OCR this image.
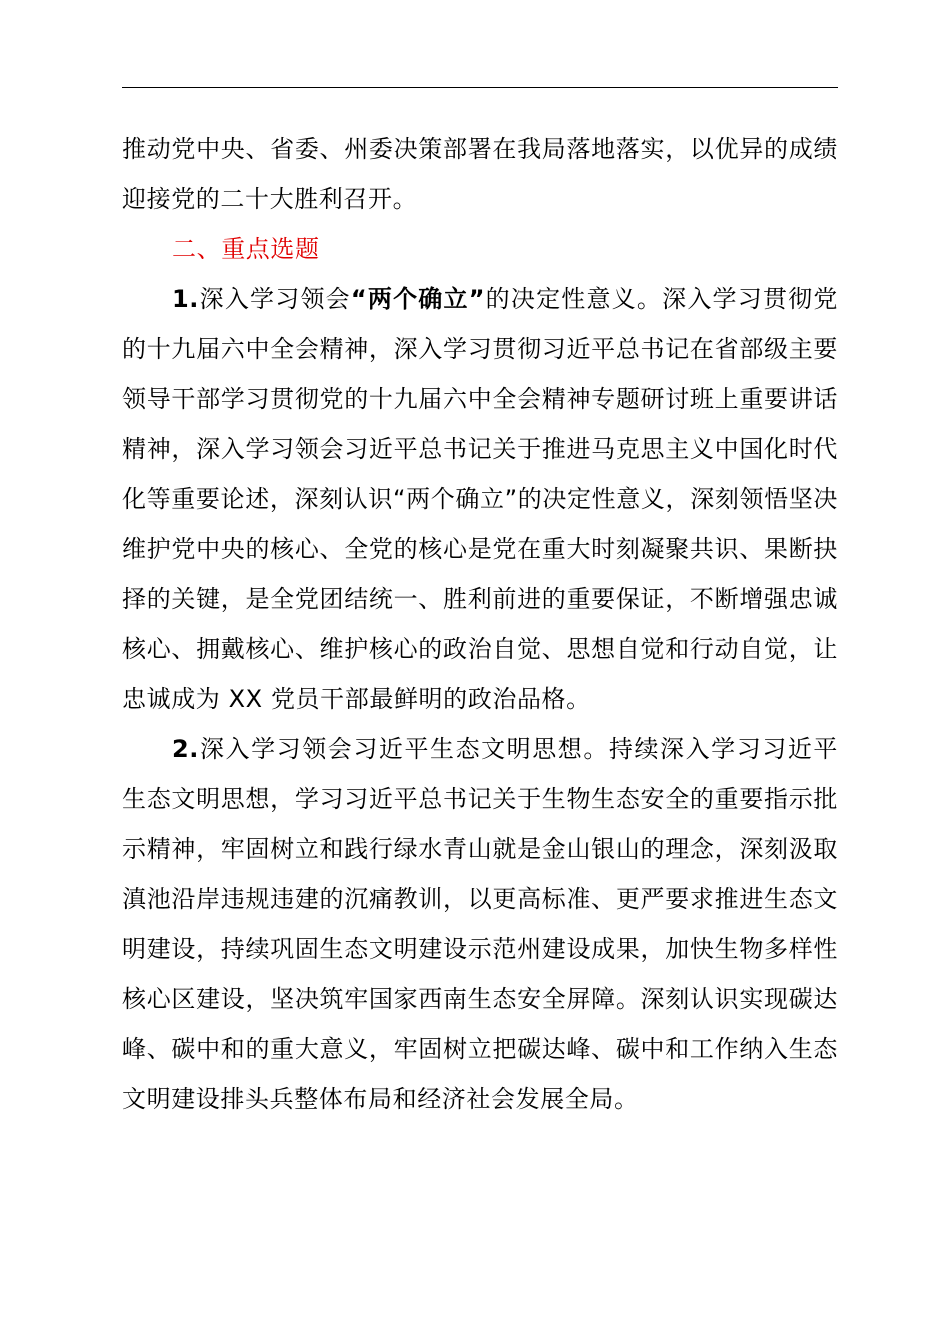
推动党中央、省委、州委决策部署在我局落地落实，以优异的成绩迎接党的二十大胜利召开。

二、重点选题

1.深入学习领会“两个确立”的决定性意义。深入学习贯彻党的十九届六中全会精神，深入学习贯彻习近平总书记在省部级主要领导干部学习贯彻党的十九届六中全会精神专题研讨班上重要讲话精神，深入学习领会习近平总书记关于推进马克思主义中国化时代化等重要论述，深刻认识“两个确立”的决定性意义，深刻领悟坚决维护党中央的核心、全党的核心是党在重大时刻凝聚共识、果断抉择的关键，是全党团结统一、胜利前进的重要保证，不断增强忠诚核心、拥戴核心、维护核心的政治自觉、思想自觉和行动自觉，让忠诚成为 XX 党员干部最鲜明的政治品格。

2.深入学习领会习近平生态文明思想。持续深入学习习近平生态文明思想，学习习近平总书记关于生物生态安全的重要指示批示精神，牢固树立和践行绿水青山就是金山银山的理念，深刻汲取滇池沿岸违规违建的沉痛教训，以更高标准、更严要求推进生态文明建设，持续巩固生态文明建设示范州建设成果，加快生物多样性核心区建设，坚决筑牢国家西南生态安全屏障。深刻认识实现碳达峰、碳中和的重大意义，牢固树立把碳达峰、碳中和工作纳入生态文明建设排头兵整体布局和经济社会发展全局。
